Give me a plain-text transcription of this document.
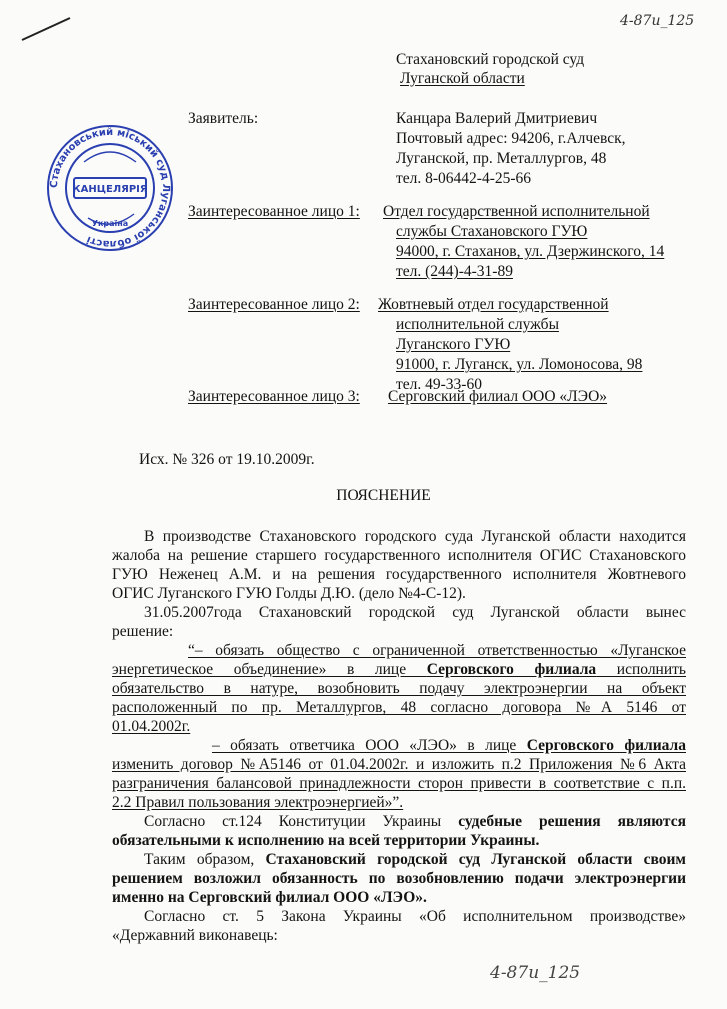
4-87и_125
Стахановский городской суд
Луганской области
Заявитель:	Канцара Валерий Дмитриевич
Почтовый адрес: 94206, г.Алчевск,
Луганской, пр. Металлургов, 48
тел. 8-06442-4-25-66
Заинтересованное лицо 1: Отдел государственной исполнительной
службы Стахановского ГУЮ
94000, г. Стаханов, ул. Дзержинского, 14
тел. (244)-4-31-89
Заинтересованное лицо 2: Жовтневый отдел государственной
исполнительной службы
Луганского ГУЮ
91000, г. Луганск, ул. Ломоносова, 98
тел. 49-33-60
Заинтересованное лицо 3: Серговский филиал ООО «ЛЭО»
Исх. № 326 от 19.10.2009г.
ПОЯСНЕНИЕ
В производстве Стахановского городского суда Луганской области находится
жалоба на решение старшего государственного исполнителя ОГИС Стахановского
ГУЮ Неженец А.М. и на решения государственного исполнителя Жовтневого
ОГИС Луганского ГУЮ Голды Д.Ю. (дело №4-С-12).
31.05.2007года Стахановский городской суд Луганской области вынес
решение:
“– обязать общество с ограниченной ответственностью «Луганское
энергетическое объединение» в лице Серговского филиала исполнить
обязательство в натуре, возобновить подачу электроэнергии на объект
расположенный по пр. Металлургов, 48 согласно договора №А 5146 от
01.04.2002г.
– обязать ответчика ООО «ЛЭО» в лице Серговского филиала
изменить договор №А5146 от 01.04.2002г. и изложить п.2 Приложения №6 Акта
разграничения балансовой принадлежности сторон привести в соответствие с п.п.
2.2 Правил пользования электроэнергией»”.
Согласно ст.124 Конституции Украины судебные решения являются
обязательными к исполнению на всей территории Украины.
Таким образом, Стахановский городской суд Луганской области своим
решением возложил обязанность по возобновлению подачи электроэнергии
именно на Серговский филиал ООО «ЛЭО».
Согласно ст. 5 Закона Украины «Об исполнительном производстве»
«Державний виконавець:
4-87и_125
Стахановський міський суд Луганської області
КАНЦЕЛЯРІЯ
Україна
